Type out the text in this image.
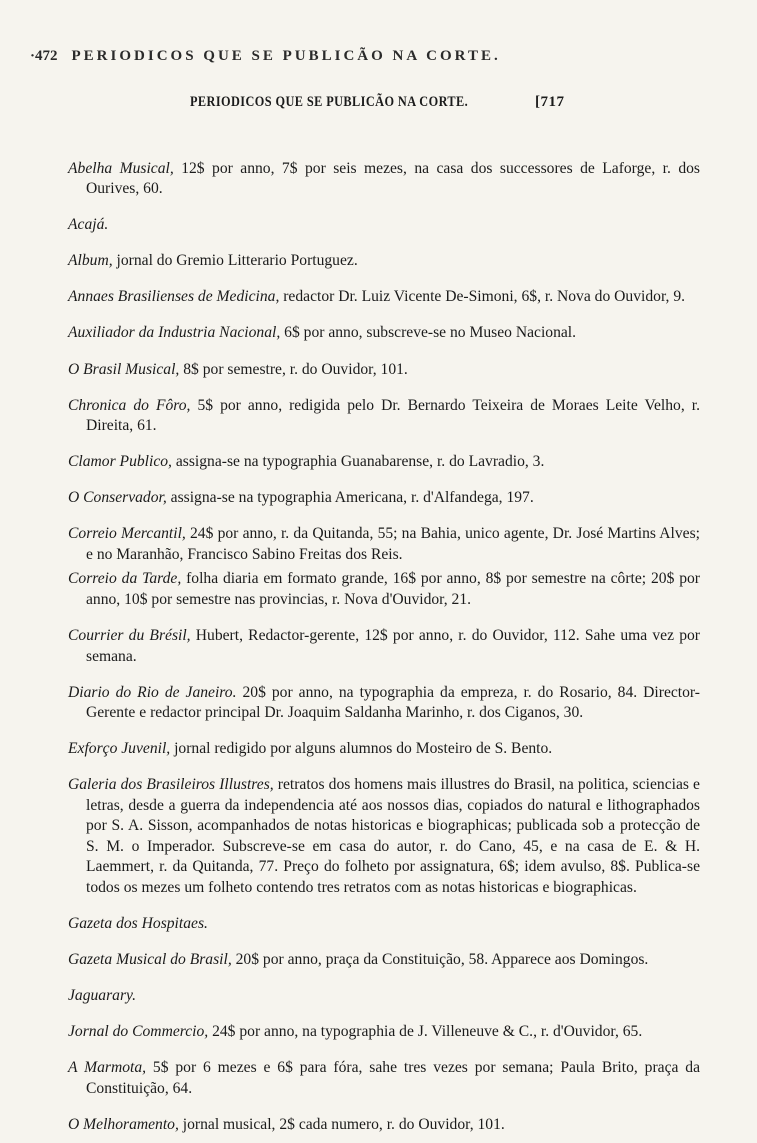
·472 PERIODICOS QUE SE PUBLICÃO NA CORTE.
PERIODICOS QUE SE PUBLICÃO NA CORTE.	[717

Abelha Musical, 12$ por anno, 7$ por seis mezes, na casa dos successores de Laforge, r. dos Ourives, 60.

Acajá.

Album, jornal do Gremio Litterario Portuguez.

Annaes Brasilienses de Medicina, redactor Dr. Luiz Vicente De-Simoni, 6$, r. Nova do Ouvidor, 9.

Auxiliador da Industria Nacional, 6$ por anno, subscreve-se no Museo Nacional.

O Brasil Musical, 8$ por semestre, r. do Ouvidor, 101.

Chronica do Fôro, 5$ por anno, redigida pelo Dr. Bernardo Teixeira de Moraes Leite Velho, r. Direita, 61.

Clamor Publico, assigna-se na typographia Guanabarense, r. do Lavradio, 3.

O Conservador, assigna-se na typographia Americana, r. d'Alfandega, 197.

Correio Mercantil, 24$ por anno, r. da Quitanda, 55; na Bahia, unico agente, Dr. José Martins Alves; e no Maranhão, Francisco Sabino Freitas dos Reis.

Correio da Tarde, folha diaria em formato grande, 16$ por anno, 8$ por semestre na côrte; 20$ por anno, 10$ por semestre nas provincias, r. Nova d'Ouvidor, 21.

Courrier du Brésil, Hubert, Redactor-gerente, 12$ por anno, r. do Ouvidor, 112. Sahe uma vez por semana.

Diario do Rio de Janeiro. 20$ por anno, na typographia da empreza, r. do Rosario, 84. Director-Gerente e redactor principal Dr. Joaquim Saldanha Marinho, r. dos Ciganos, 30.

Exforço Juvenil, jornal redigido por alguns alumnos do Mosteiro de S. Bento.

Galeria dos Brasileiros Illustres, retratos dos homens mais illustres do Brasil, na politica, sciencias e letras, desde a guerra da independencia até aos nossos dias, copiados do natural e lithographados por S. A. Sisson, acompanhados de notas historicas e biographicas; publicada sob a protecção de S. M. o Imperador. Subscreve-se em casa do autor, r. do Cano, 45, e na casa de E. & H. Laemmert, r. da Quitanda, 77. Preço do folheto por assignatura, 6$; idem avulso, 8$. Publica-se todos os mezes um folheto contendo tres retratos com as notas historicas e biographicas.

Gazeta dos Hospitaes.

Gazeta Musical do Brasil, 20$ por anno, praça da Constituição, 58. Apparece aos Domingos.

Jaguarary.

Jornal do Commercio, 24$ por anno, na typographia de J. Villeneuve & C., r. d'Ouvidor, 65.

A Marmota, 5$ por 6 mezes e 6$ para fóra, sahe tres vezes por semana; Paula Brito, praça da Constituição, 64.

O Melhoramento, jornal musical, 2$ cada numero, r. do Ouvidor, 101.
